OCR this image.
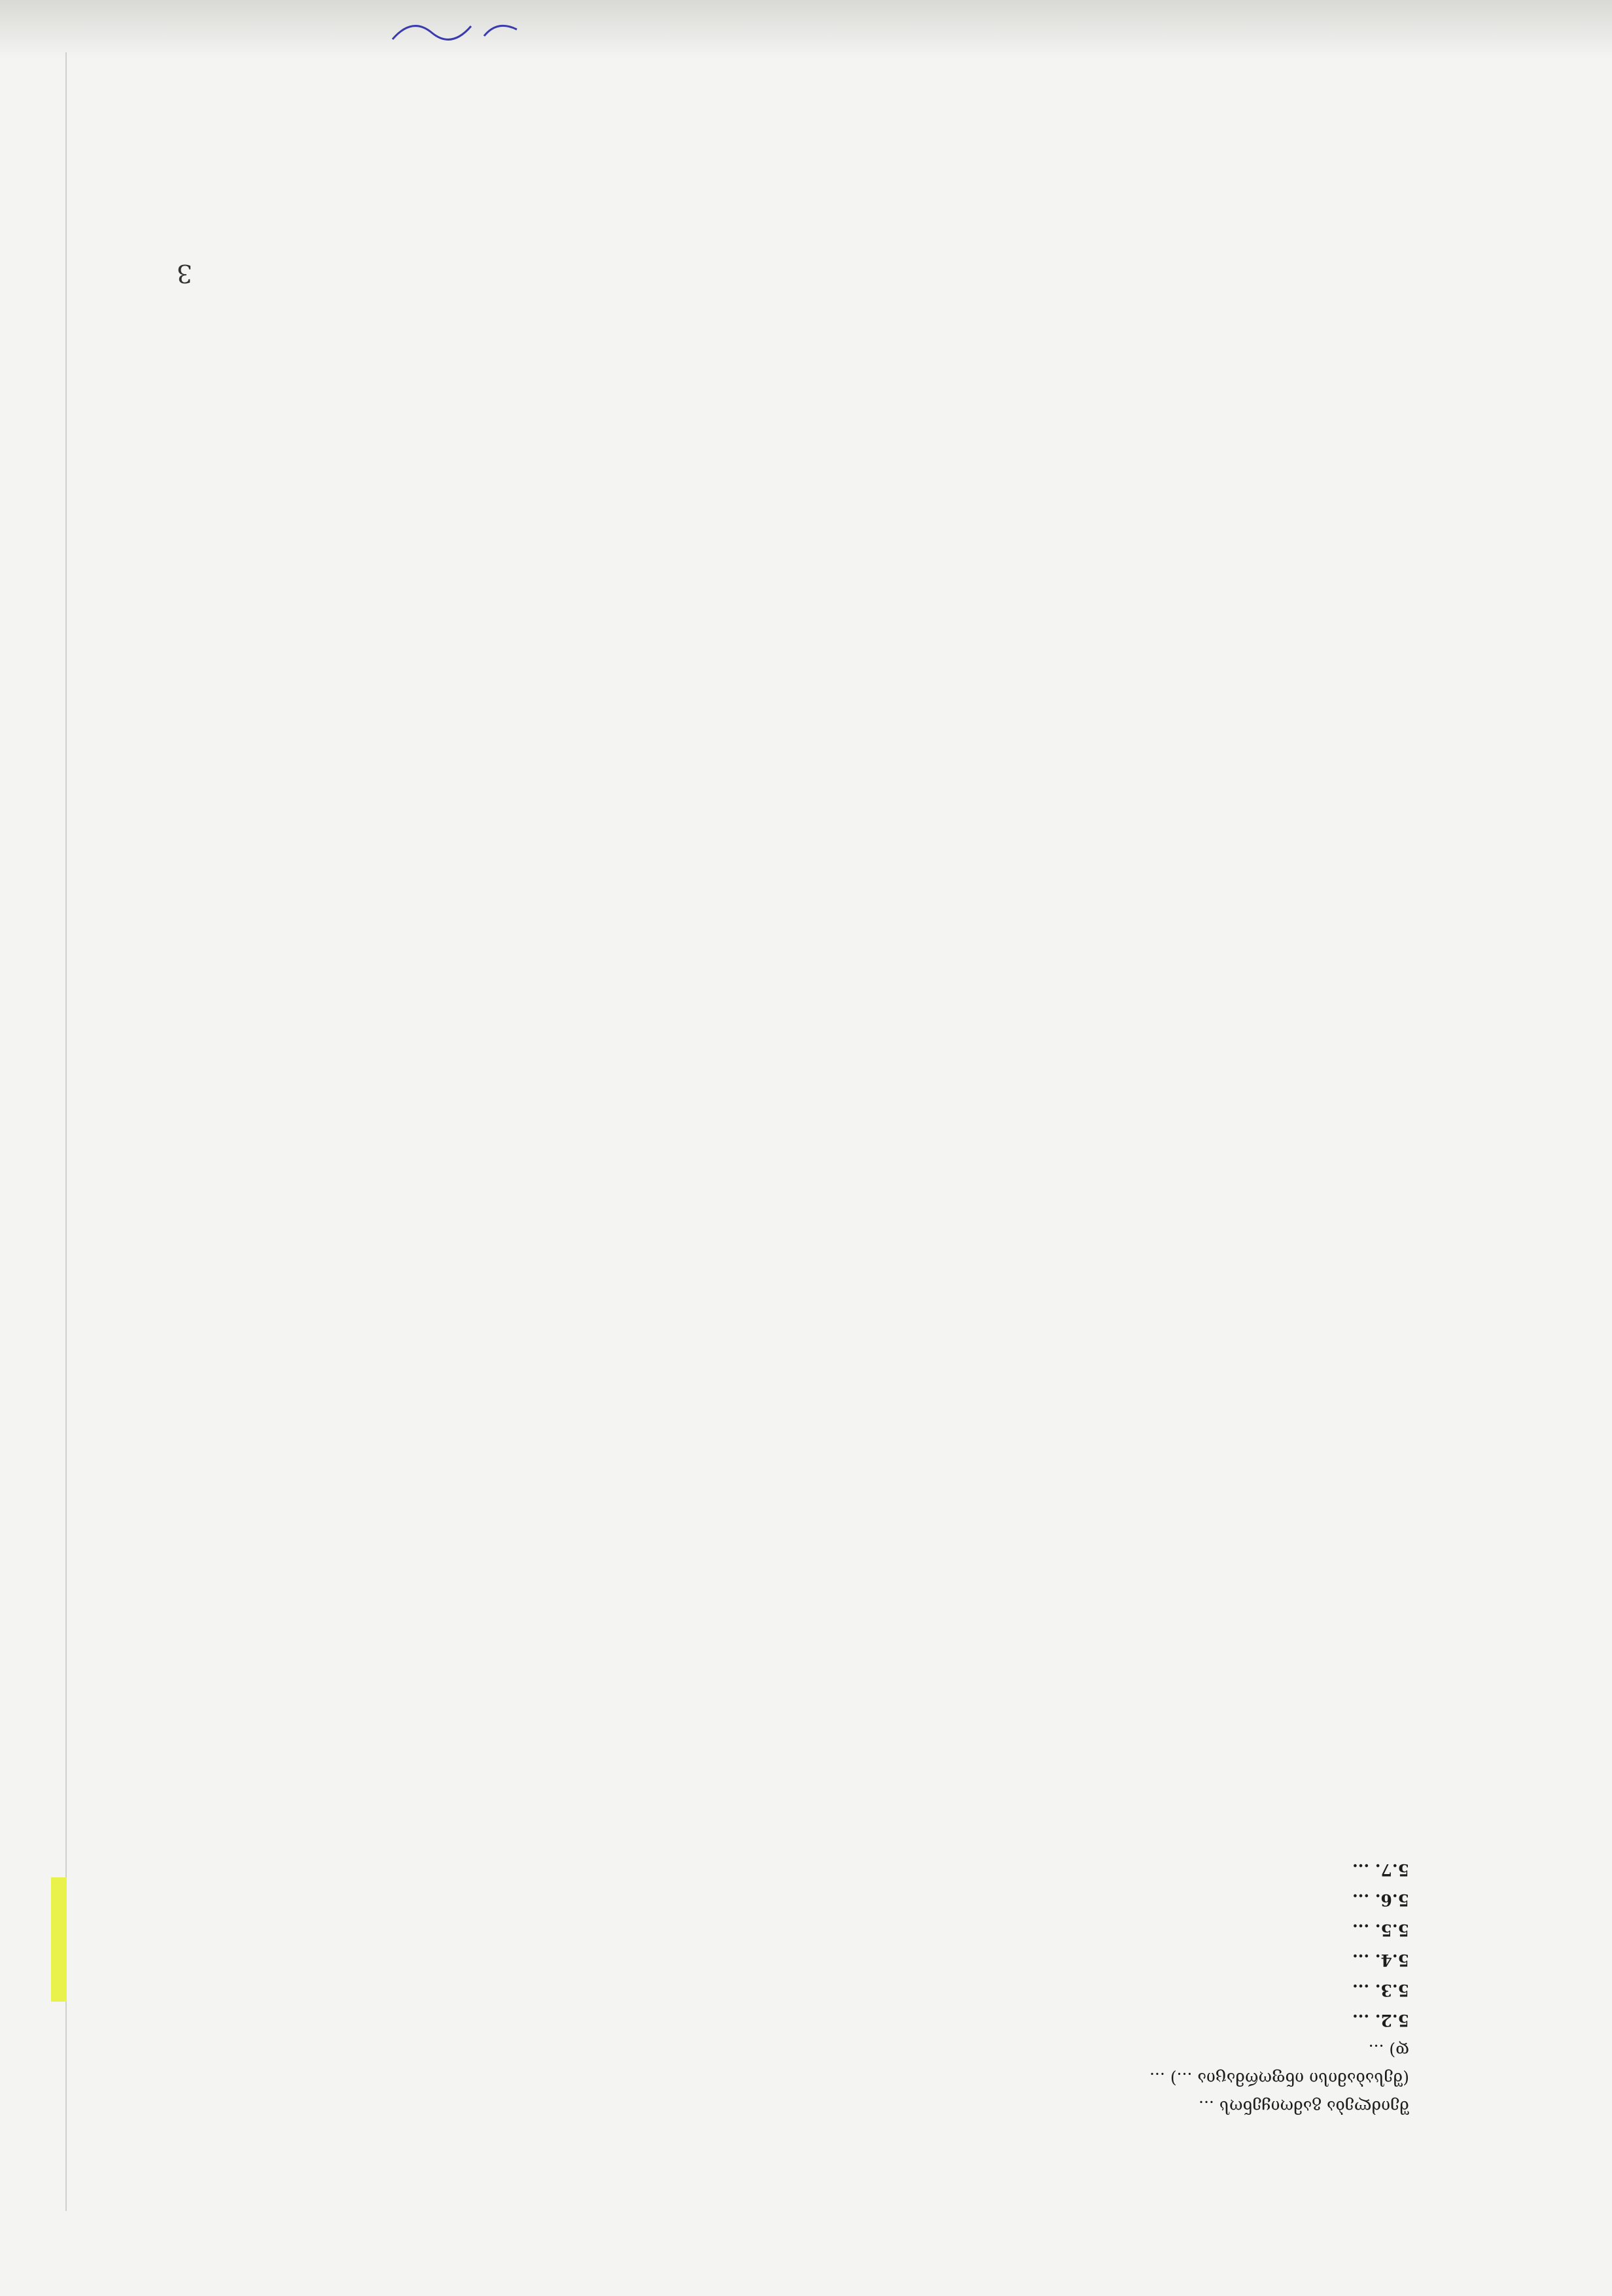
შეიძლება გამოიყენოს ...

(შესაბამისი ინფორმაცია ...) ...

დ) ...

5.2. ...

5.3. ...

5.4. ...

5.5. ...

5.6. ...

5.7. ...

3
